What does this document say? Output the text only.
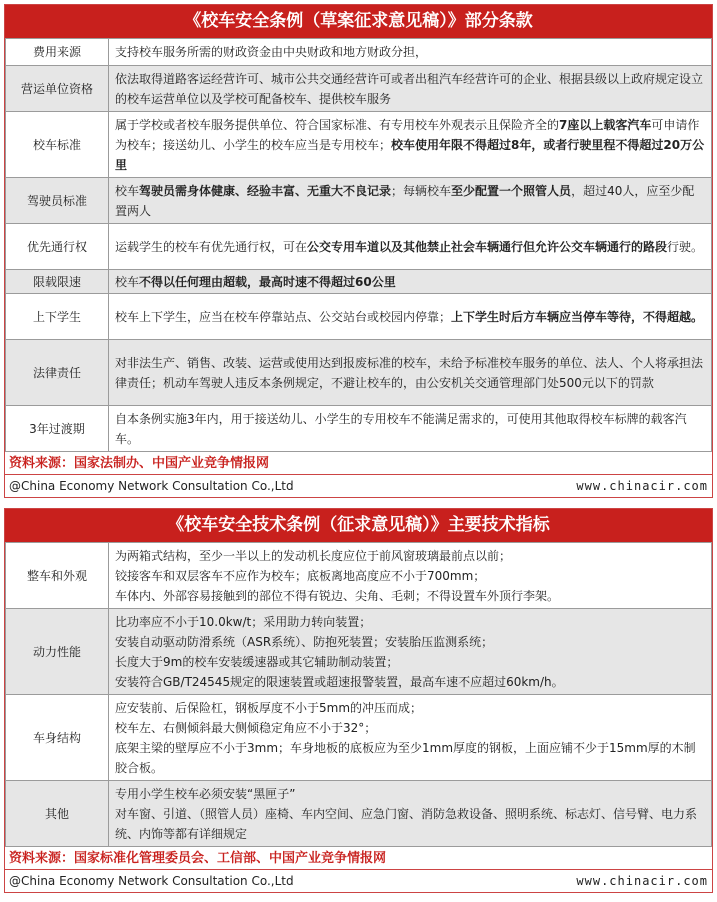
《校车安全条例（草案征求意见稿）》部分条款
费用来源	支持校车服务所需的财政资金由中央财政和地方财政分担，
营运单位资格	依法取得道路客运经营许可、城市公共交通经营许可或者出租汽车经营许可的企业、根据县级以上政府规定设立的校车运营单位以及学校可配备校车、提供校车服务
校车标准	属于学校或者校车服务提供单位、符合国家标准、有专用校车外观表示且保险齐全的7座以上载客汽车可申请作为校车；接送幼儿、小学生的校车应当是专用校车；校车使用年限不得超过8年，或者行驶里程不得超过20万公里
驾驶员标准	校车驾驶员需身体健康、经验丰富、无重大不良记录；每辆校车至少配置一个照管人员，超过40人，应至少配置两人
优先通行权	运载学生的校车有优先通行权，可在公交专用车道以及其他禁止社会车辆通行但允许公交车辆通行的路段行驶。
限载限速	校车不得以任何理由超载，最高时速不得超过60公里
上下学生	校车上下学生，应当在校车停靠站点、公交站台或校园内停靠；上下学生时后方车辆应当停车等待，不得超越。
法律责任	对非法生产、销售、改装、运营或使用达到报废标准的校车，未给予标准校车服务的单位、法人、个人将承担法律责任；机动车驾驶人违反本条例规定，不避让校车的，由公安机关交通管理部门处500元以下的罚款
3年过渡期	自本条例实施3年内，用于接送幼儿、小学生的专用校车不能满足需求的，可使用其他取得校车标牌的载客汽车。
资料来源：国家法制办、中国产业竞争情报网
@China Economy Network Consultation Co.,Ltd	www.chinacir.com
《校车安全技术条例（征求意见稿）》主要技术指标
整车和外观	为两箱式结构，至少一半以上的发动机长度应位于前风窗玻璃最前点以前；
铰接客车和双层客车不应作为校车；底板离地高度应不小于700mm；
车体内、外部容易接触到的部位不得有锐边、尖角、毛刺；不得设置车外顶行李架。

动力性能	比功率应不小于10.0kw/t；采用助力转向装置；
安装自动驱动防滑系统（ASR系统）、防抱死装置；安装胎压监测系统；
长度大于9m的校车安装缓速器或其它辅助制动装置；
安装符合GB/T24545规定的限速装置或超速报警装置，最高车速不应超过60km/h。

车身结构	应安装前、后保险杠，钢板厚度不小于5mm的冲压而成；
校车左、右侧倾斜最大侧倾稳定角应不小于32°；
底架主梁的壁厚应不小于3mm；车身地板的底板应为至少1mm厚度的钢板，上面应铺不少于15mm厚的木制胶合板。

其他	专用小学生校车必须安装“黑匣子”
对车窗、引道、（照管人员）座椅、车内空间、应急门窗、消防急救设备、照明系统、标志灯、信号臂、电力系统、内饰等都有详细规定
资料来源：国家标准化管理委员会、工信部、中国产业竞争情报网
@China Economy Network Consultation Co.,Ltd	www.chinacir.com
